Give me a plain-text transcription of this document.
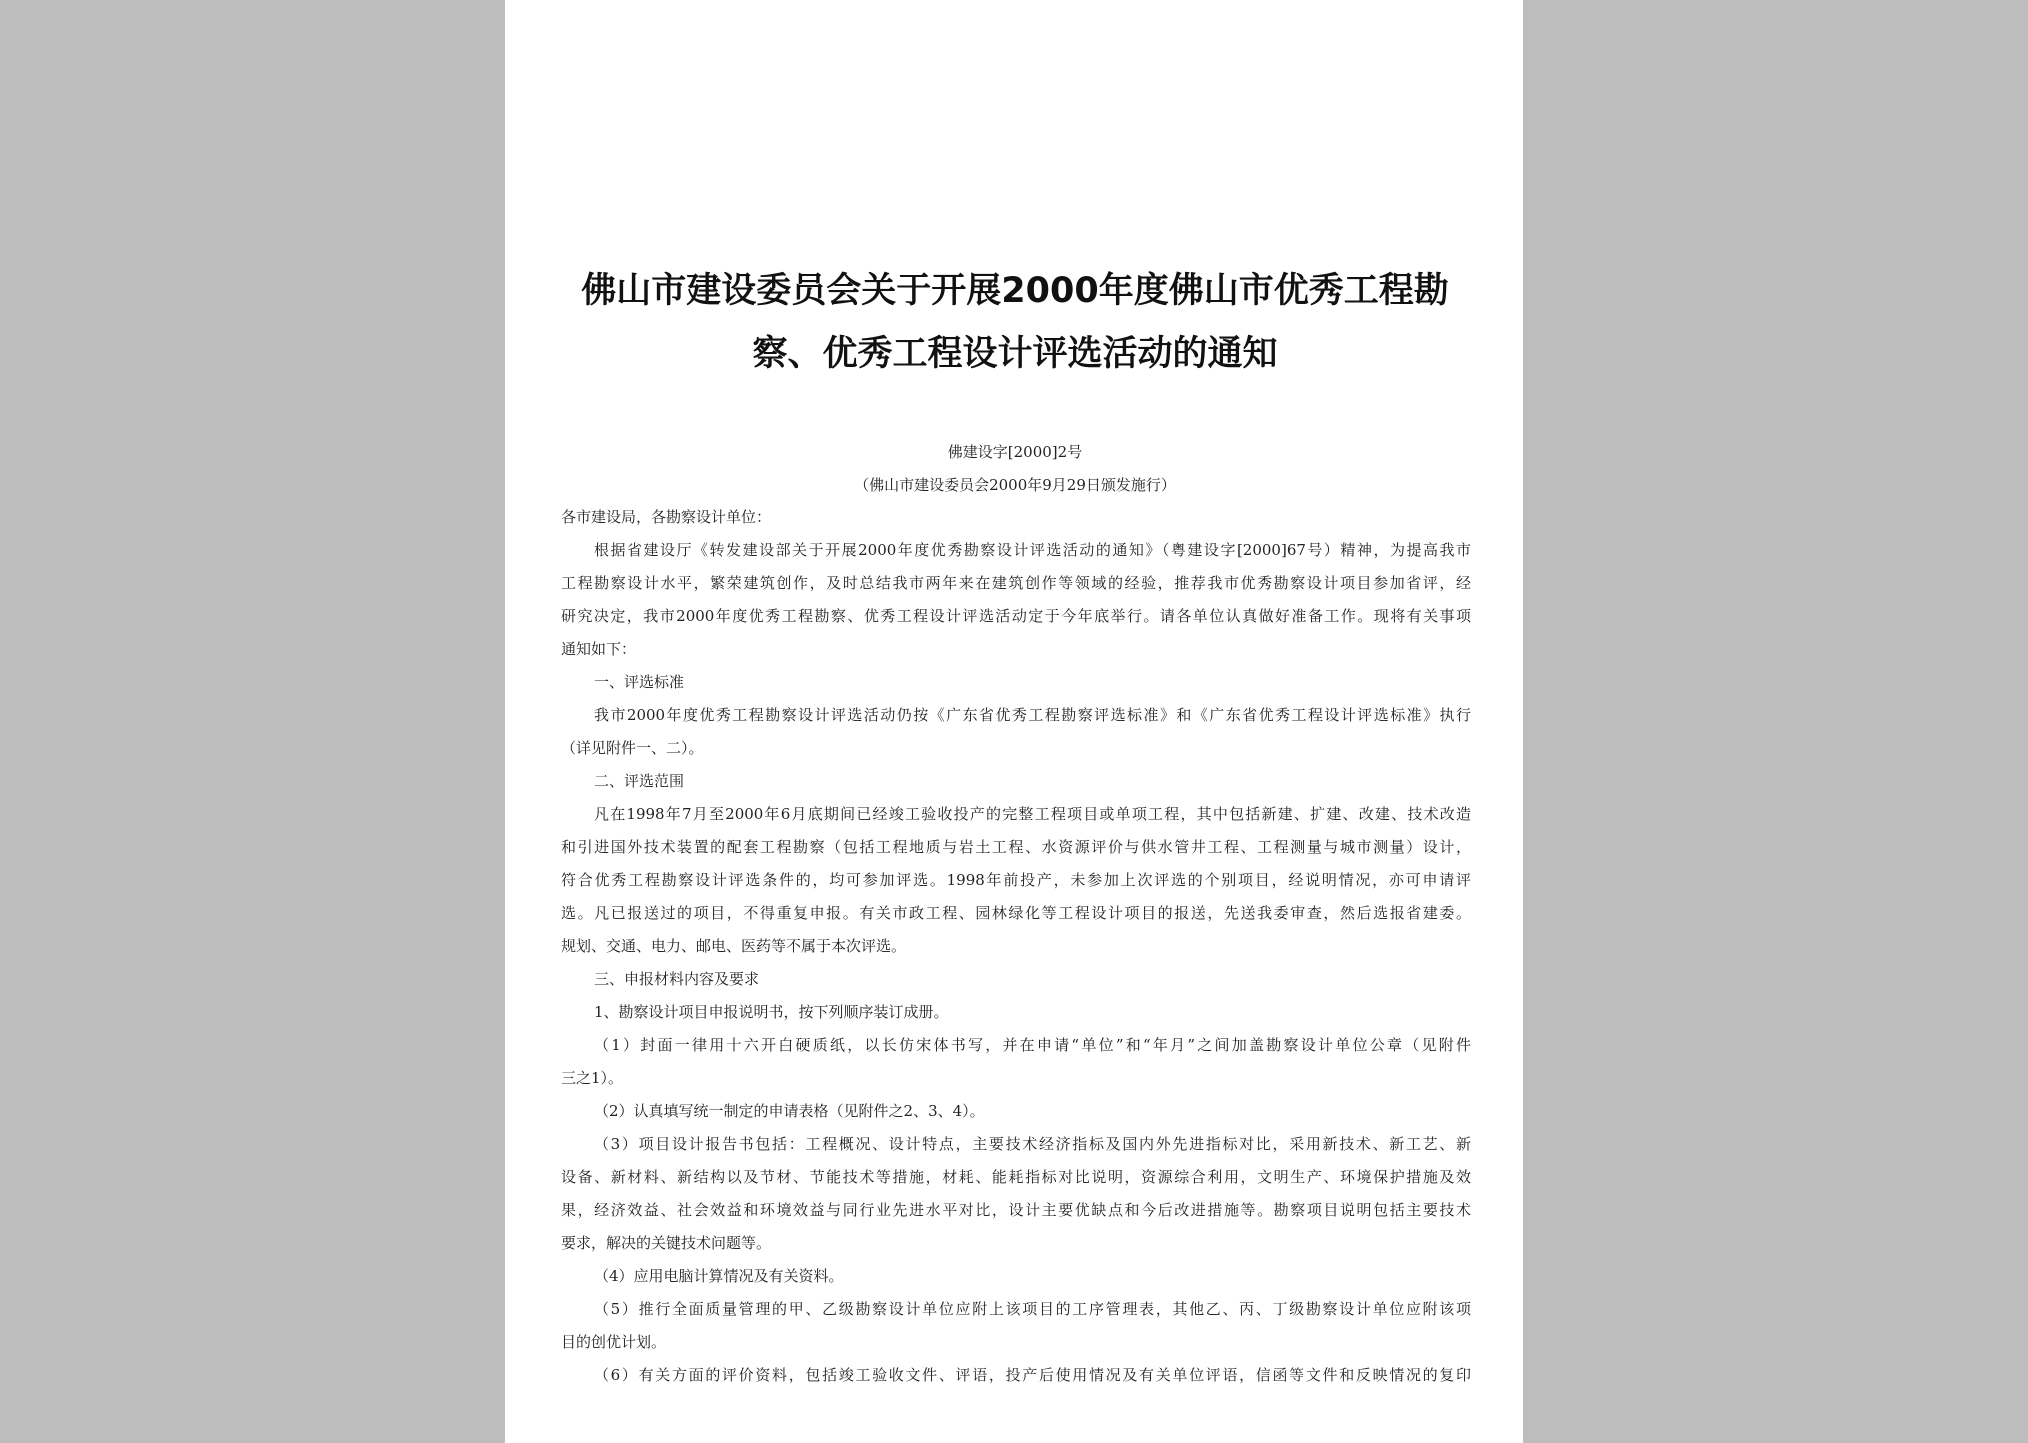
佛山市建设委员会关于开展2000年度佛山市优秀工程勘
察、优秀工程设计评选活动的通知
佛建设字[2000]2号
（佛山市建设委员会2000年9月29日颁发施行）
各市建设局，各勘察设计单位：
根据省建设厅《转发建设部关于开展2000年度优秀勘察设计评选活动的通知》（粤建设字[2000]67号）精神，为提高我市
工程勘察设计水平，繁荣建筑创作，及时总结我市两年来在建筑创作等领域的经验，推荐我市优秀勘察设计项目参加省评，经
研究决定，我市2000年度优秀工程勘察、优秀工程设计评选活动定于今年底举行。请各单位认真做好准备工作。现将有关事项
通知如下：
一、评选标准
我市2000年度优秀工程勘察设计评选活动仍按《广东省优秀工程勘察评选标准》和《广东省优秀工程设计评选标准》执行
（详见附件一、二）。
二、评选范围
凡在1998年7月至2000年6月底期间已经竣工验收投产的完整工程项目或单项工程，其中包括新建、扩建、改建、技术改造
和引进国外技术装置的配套工程勘察（包括工程地质与岩土工程、水资源评价与供水管井工程、工程测量与城市测量）设计，
符合优秀工程勘察设计评选条件的，均可参加评选。1998年前投产，未参加上次评选的个别项目，经说明情况，亦可申请评
选。凡已报送过的项目，不得重复申报。有关市政工程、园林绿化等工程设计项目的报送，先送我委审查，然后选报省建委。
规划、交通、电力、邮电、医药等不属于本次评选。
三、申报材料内容及要求
1、勘察设计项目申报说明书，按下列顺序装订成册。
（1）封面一律用十六开白硬质纸，以长仿宋体书写，并在申请“单位”和“年月”之间加盖勘察设计单位公章（见附件
三之1）。
（2）认真填写统一制定的申请表格（见附件之2、3、4）。
（3）项目设计报告书包括：工程概况、设计特点，主要技术经济指标及国内外先进指标对比，采用新技术、新工艺、新
设备、新材料、新结构以及节材、节能技术等措施，材耗、能耗指标对比说明，资源综合利用，文明生产、环境保护措施及效
果，经济效益、社会效益和环境效益与同行业先进水平对比，设计主要优缺点和今后改进措施等。勘察项目说明包括主要技术
要求，解决的关键技术问题等。
（4）应用电脑计算情况及有关资料。
（5）推行全面质量管理的甲、乙级勘察设计单位应附上该项目的工序管理表，其他乙、丙、丁级勘察设计单位应附该项
目的创优计划。
（6）有关方面的评价资料，包括竣工验收文件、评语，投产后使用情况及有关单位评语，信函等文件和反映情况的复印
